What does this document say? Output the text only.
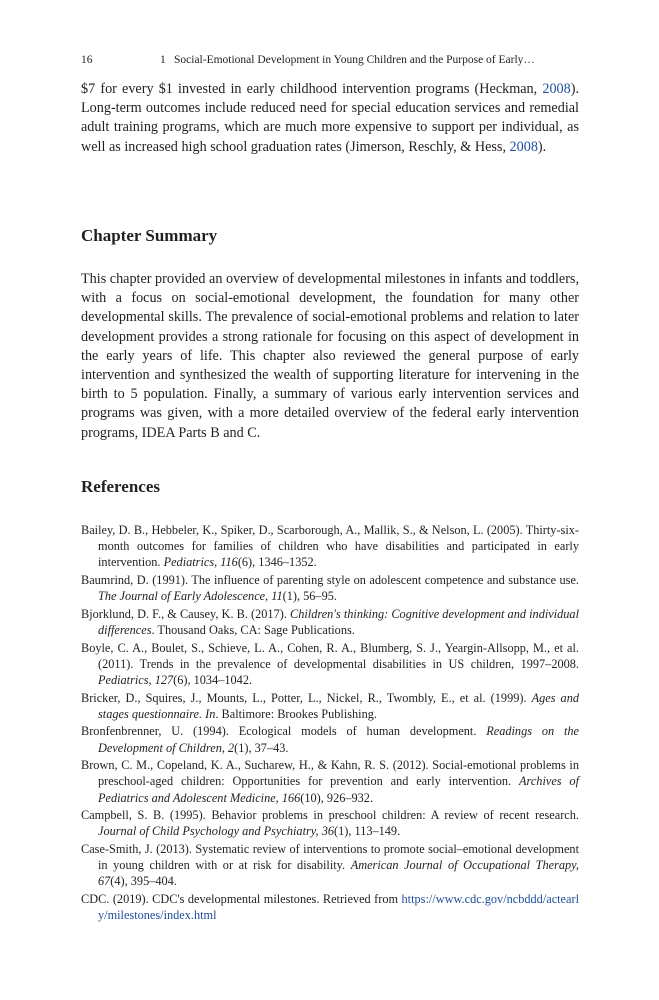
16	1 Social-Emotional Development in Young Children and the Purpose of Early…

$7 for every $1 invested in early childhood intervention programs (Heckman, 2008). Long-term outcomes include reduced need for special education services and remedial adult training programs, which are much more expensive to support per individual, as well as increased high school graduation rates (Jimerson, Reschly, & Hess, 2008).

Chapter Summary

This chapter provided an overview of developmental milestones in infants and toddlers, with a focus on social-emotional development, the foundation for many other developmental skills. The prevalence of social-emotional problems and relation to later development provides a strong rationale for focusing on this aspect of development in the early years of life. This chapter also reviewed the general purpose of early intervention and synthesized the wealth of supporting literature for intervening in the birth to 5 population. Finally, a summary of various early intervention services and programs was given, with a more detailed overview of the federal early intervention programs, IDEA Parts B and C.

References

Bailey, D. B., Hebbeler, K., Spiker, D., Scarborough, A., Mallik, S., & Nelson, L. (2005). Thirty-six-month outcomes for families of children who have disabilities and participated in early intervention. Pediatrics, 116(6), 1346–1352.

Baumrind, D. (1991). The influence of parenting style on adolescent competence and substance use. The Journal of Early Adolescence, 11(1), 56–95.

Bjorklund, D. F., & Causey, K. B. (2017). Children's thinking: Cognitive development and individual differences. Thousand Oaks, CA: Sage Publications.

Boyle, C. A., Boulet, S., Schieve, L. A., Cohen, R. A., Blumberg, S. J., Yeargin-Allsopp, M., et al. (2011). Trends in the prevalence of developmental disabilities in US children, 1997–2008. Pediatrics, 127(6), 1034–1042.

Bricker, D., Squires, J., Mounts, L., Potter, L., Nickel, R., Twombly, E., et al. (1999). Ages and stages questionnaire. In. Baltimore: Brookes Publishing.

Bronfenbrenner, U. (1994). Ecological models of human development. Readings on the Development of Children, 2(1), 37–43.

Brown, C. M., Copeland, K. A., Sucharew, H., & Kahn, R. S. (2012). Social-emotional problems in preschool-aged children: Opportunities for prevention and early intervention. Archives of Pediatrics and Adolescent Medicine, 166(10), 926–932.

Campbell, S. B. (1995). Behavior problems in preschool children: A review of recent research. Journal of Child Psychology and Psychiatry, 36(1), 113–149.

Case-Smith, J. (2013). Systematic review of interventions to promote social–emotional development in young children with or at risk for disability. American Journal of Occupational Therapy, 67(4), 395–404.

CDC. (2019). CDC's developmental milestones. Retrieved from https://www.cdc.gov/ncbddd/actearly/milestones/index.html
